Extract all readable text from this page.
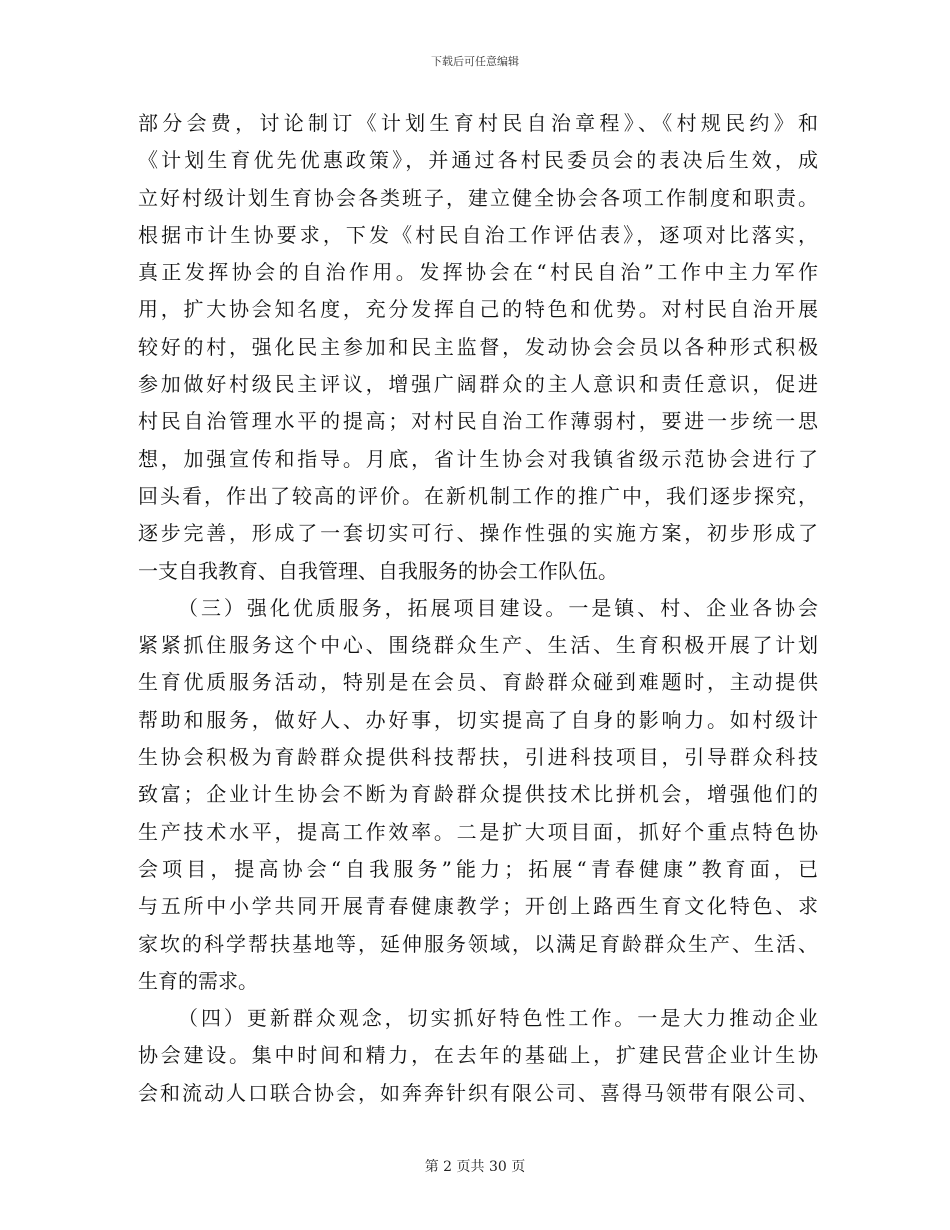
下载后可任意编辑
部分会费，讨论制订《计划生育村民自治章程》、《村规民约》和
《计划生育优先优惠政策》，并通过各村民委员会的表决后生效，成
立好村级计划生育协会各类班子，建立健全协会各项工作制度和职责。
根据市计生协要求，下发《村民自治工作评估表》，逐项对比落实，
真正发挥协会的自治作用。发挥协会在“村民自治”工作中主力军作
用，扩大协会知名度，充分发挥自己的特色和优势。对村民自治开展
较好的村，强化民主参加和民主监督，发动协会会员以各种形式积极
参加做好村级民主评议，增强广阔群众的主人意识和责任意识，促进
村民自治管理水平的提高；对村民自治工作薄弱村，要进一步统一思
想，加强宣传和指导。月底，省计生协会对我镇省级示范协会进行了
回头看，作出了较高的评价。在新机制工作的推广中，我们逐步探究，
逐步完善，形成了一套切实可行、操作性强的实施方案，初步形成了
一支自我教育、自我管理、自我服务的协会工作队伍。
（三）强化优质服务，拓展项目建设。一是镇、村、企业各协会
紧紧抓住服务这个中心、围绕群众生产、生活、生育积极开展了计划
生育优质服务活动，特别是在会员、育龄群众碰到难题时，主动提供
帮助和服务，做好人、办好事，切实提高了自身的影响力。如村级计
生协会积极为育龄群众提供科技帮扶，引进科技项目，引导群众科技
致富；企业计生协会不断为育龄群众提供技术比拼机会，增强他们的
生产技术水平，提高工作效率。二是扩大项目面，抓好个重点特色协
会项目，提高协会“自我服务”能力；拓展“青春健康”教育面，已
与五所中小学共同开展青春健康教学；开创上路西生育文化特色、求
家坎的科学帮扶基地等，延伸服务领域，以满足育龄群众生产、生活、
生育的需求。
（四）更新群众观念，切实抓好特色性工作。一是大力推动企业
协会建设。集中时间和精力，在去年的基础上，扩建民营企业计生协
会和流动人口联合协会，如奔奔针织有限公司、喜得马领带有限公司、
第 2 页共 30 页
